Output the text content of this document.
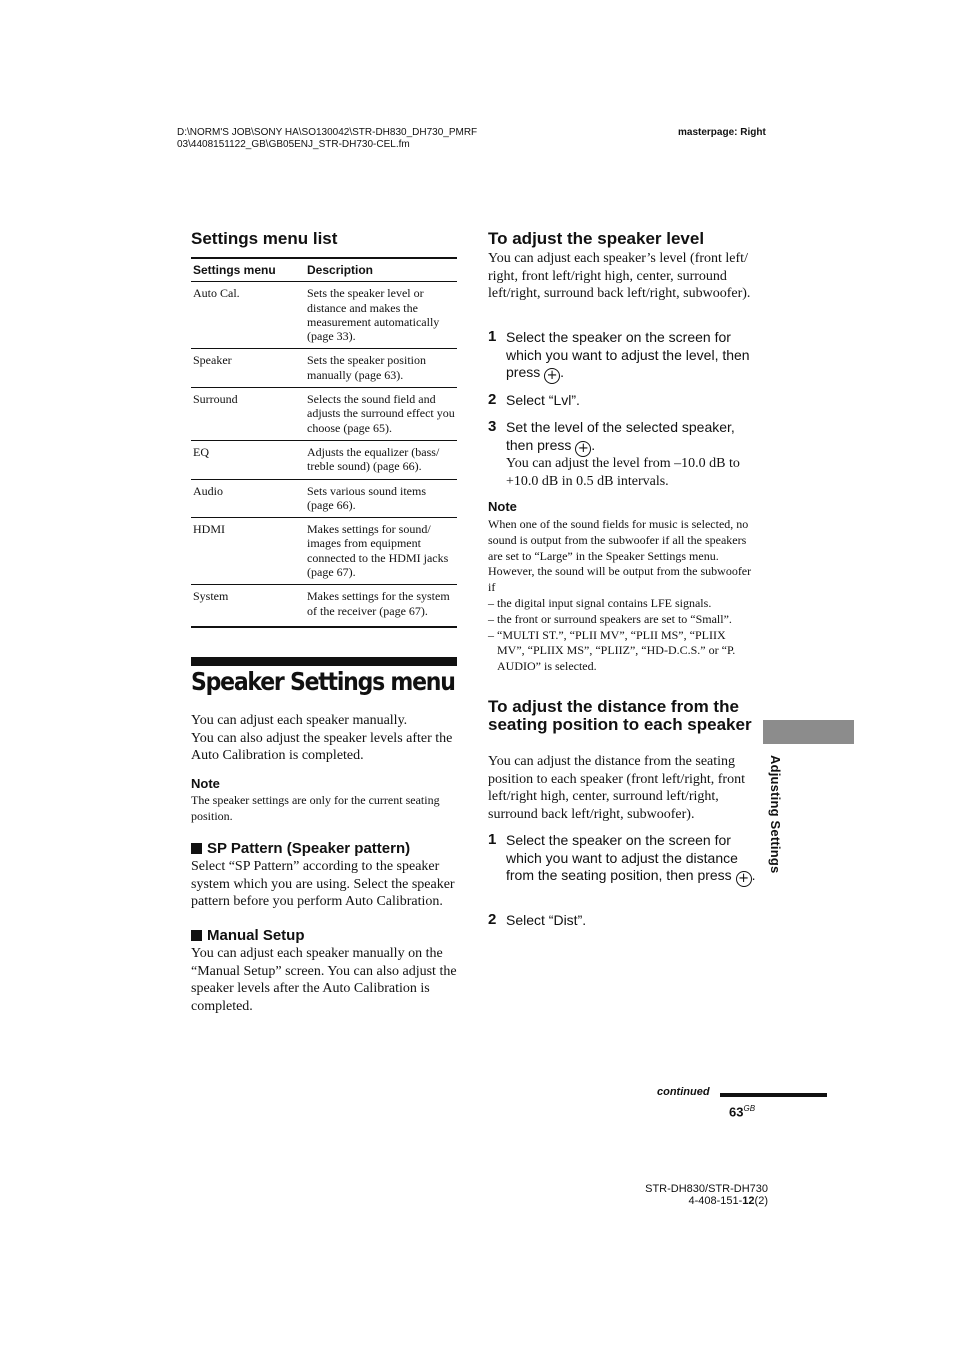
D:\NORM'S JOB\SONY HA\SO130042\STR-DH830_DH730_PMRF
03\4408151122_GB\GB05ENJ_STR-DH730-CEL.fm
masterpage: Right
Settings menu list
Settings menu	Description
Auto Cal.	Sets the speaker level or distance and makes the measurement automatically (page 33).
Speaker	Sets the speaker position manually (page 63).
Surround	Selects the sound field and adjusts the surround effect you choose (page 65).
EQ	Adjusts the equalizer (bass/ treble sound) (page 66).
Audio	Sets various sound items (page 66).
HDMI	Makes settings for sound/ images from equipment connected to the HDMI jacks (page 67).
System	Makes settings for the system of the receiver (page 67).
Speaker Settings menu
You can adjust each speaker manually.
You can also adjust the speaker levels after the Auto Calibration is completed.
Note
The speaker settings are only for the current seating position.
SP Pattern (Speaker pattern)
Select “SP Pattern” according to the speaker system which you are using. Select the speaker pattern before you perform Auto Calibration.
Manual Setup
You can adjust each speaker manually on the “Manual Setup” screen. You can also adjust the speaker levels after the Auto Calibration is completed.
To adjust the speaker level
You can adjust each speaker’s level (front left/ right, front left/right high, center, surround left/right, surround back left/right, subwoofer).
1 Select the speaker on the screen for which you want to adjust the level, then press + .
2 Select “Lvl”.
3 Set the level of the selected speaker, then press + .
You can adjust the level from –10.0 dB to +10.0 dB in 0.5 dB intervals.
Note
When one of the sound fields for music is selected, no sound is output from the subwoofer if all the speakers are set to “Large” in the Speaker Settings menu. However, the sound will be output from the subwoofer if
– the digital input signal contains LFE signals.
– the front or surround speakers are set to “Small”.
– “MULTI ST.”, “PLII MV”, “PLII MS”, “PLIIX MV”, “PLIIX MS”, “PLIIZ”, “HD-D.C.S.” or “P. AUDIO” is selected.
To adjust the distance from the seating position to each speaker
You can adjust the distance from the seating position to each speaker (front left/right, front left/right high, center, surround left/right, surround back left/right, subwoofer).
1 Select the speaker on the screen for which you want to adjust the distance from the seating position, then press + .
2 Select “Dist”.
Adjusting Settings
continued
$63^{GB}$
STR-DH830/STR-DH730
4-408-151-12(2)
